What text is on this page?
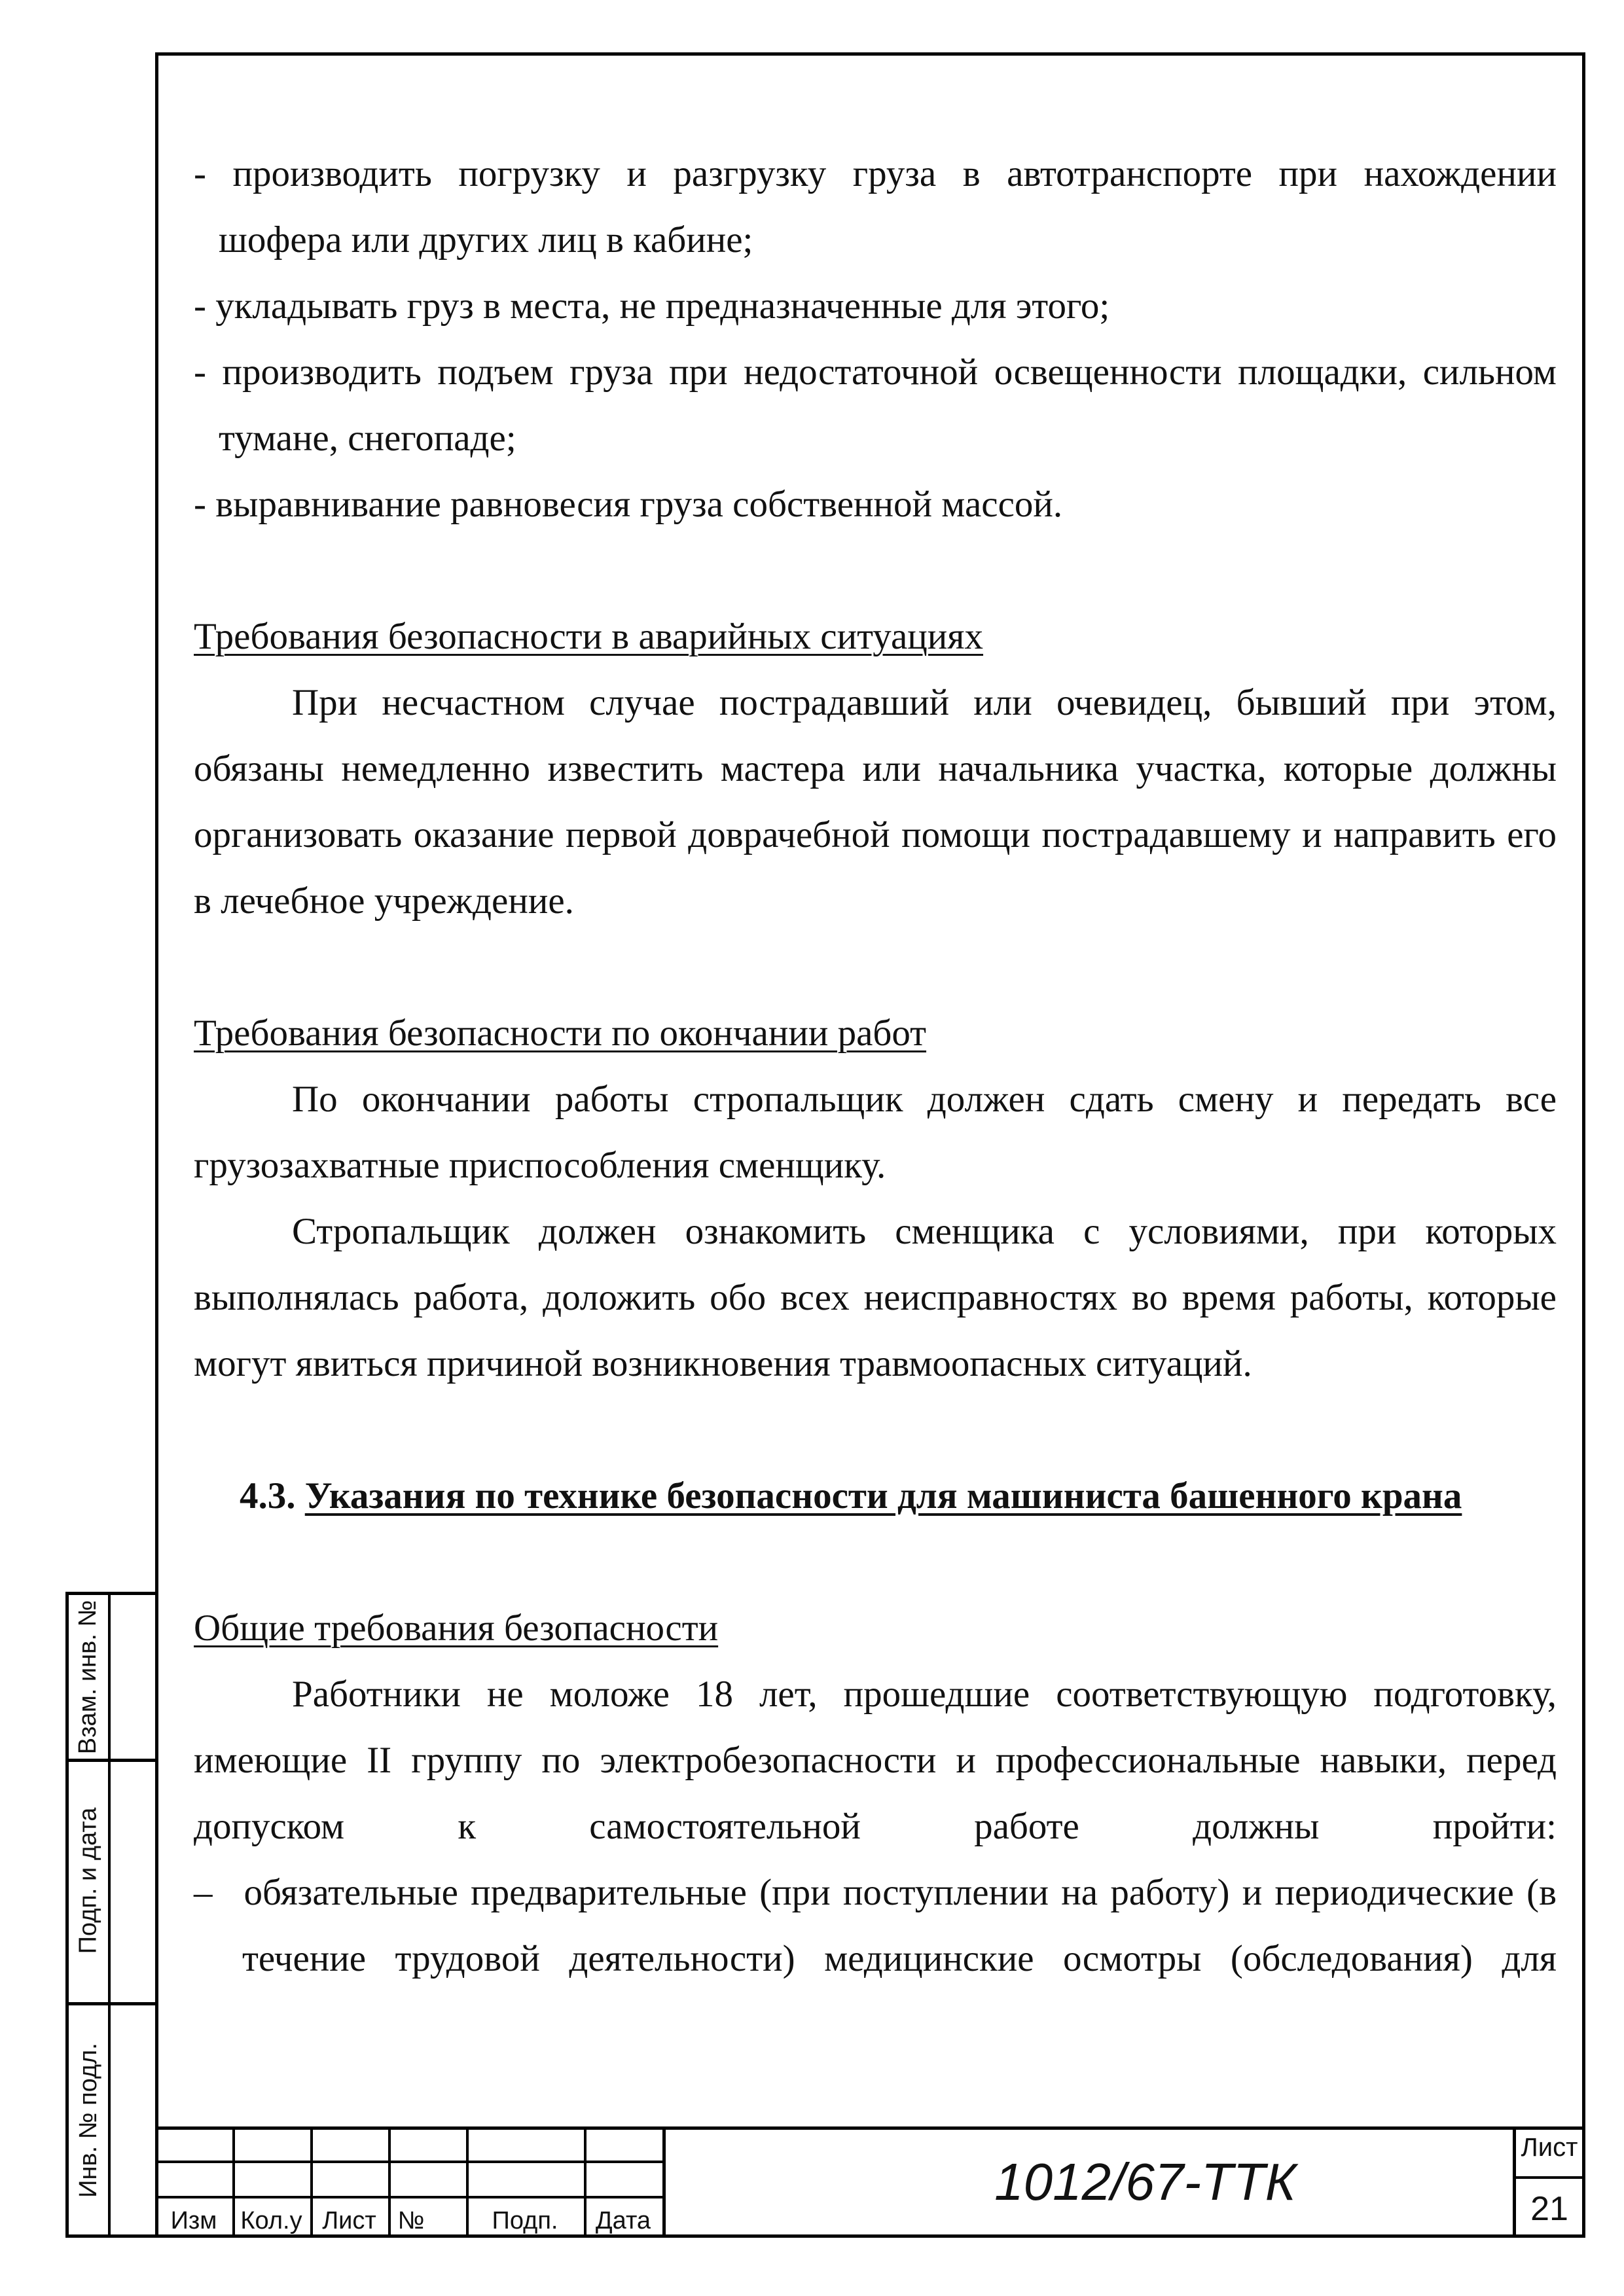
- производить погрузку и разгрузку груза в автотранспорте при нахождении

шофера или других лиц в кабине;

- укладывать груз в места, не предназначенные для этого;

- производить подъем груза при недостаточной освещенности площадки, сильном

тумане, снегопаде;

- выравнивание равновесия груза собственной массой.

Требования безопасности в аварийных ситуациях

При несчастном случае пострадавший или очевидец, бывший при этом, обязаны немедленно известить мастера или начальника участка, которые должны организовать оказание первой доврачебной помощи пострадавшему и направить его в лечебное учреждение.

Требования безопасности по окончании работ

По окончании работы стропальщик должен сдать смену и передать все грузозахватные приспособления сменщику.

Стропальщик должен ознакомить сменщика с условиями, при которых выполнялась работа, доложить обо всех неисправностях во время работы, которые могут явиться причиной возникновения травмоопасных ситуаций.

4.3. Указания по технике безопасности для машиниста башенного крана

Общие требования безопасности

Работники не моложе 18 лет, прошедшие соответствующую подготовку, имеющие II группу по электробезопасности и профессиональные навыки, перед допуском к самостоятельной работе должны пройти:

– обязательные предварительные (при поступлении на работу) и периодические (в течение трудовой деятельности) медицинские осмотры (обследования) для

Взам. инв. №
Подп. и дата
Инв. № подл.
Изм Кол.у Лист №	Подп.	Дата
1012/67-ТТК
Лист
21
